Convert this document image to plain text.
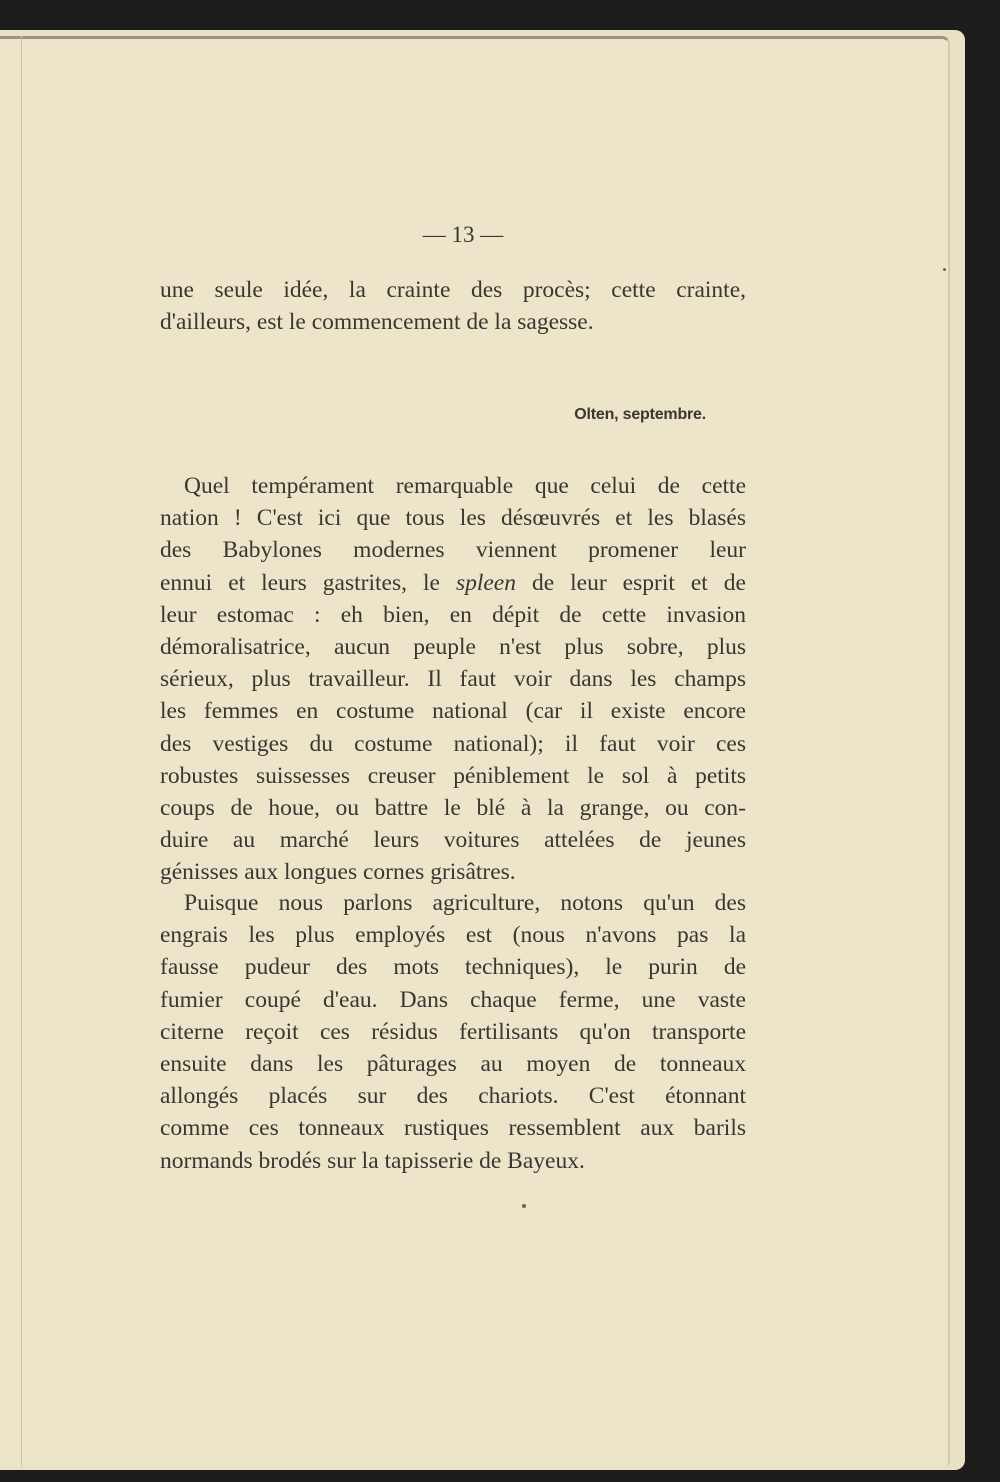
— 13 —

une seule idée, la crainte des procès; cette crainte,
d'ailleurs, est le commencement de la sagesse.

Olten, septembre.

Quel tempérament remarquable que celui de cette
nation ! C'est ici que tous les désœuvrés et les blasés
des Babylones modernes viennent promener leur
ennui et leurs gastrites, le spleen de leur esprit et de
leur estomac : eh bien, en dépit de cette invasion
démoralisatrice, aucun peuple n'est plus sobre, plus
sérieux, plus travailleur. Il faut voir dans les champs
les femmes en costume national (car il existe encore
des vestiges du costume national); il faut voir ces
robustes suissesses creuser péniblement le sol à petits
coups de houe, ou battre le blé à la grange, ou con-
duire au marché leurs voitures attelées de jeunes
génisses aux longues cornes grisâtres.

Puisque nous parlons agriculture, notons qu'un des
engrais les plus employés est (nous n'avons pas la
fausse pudeur des mots techniques), le purin de
fumier coupé d'eau. Dans chaque ferme, une vaste
citerne reçoit ces résidus fertilisants qu'on transporte
ensuite dans les pâturages au moyen de tonneaux
allongés placés sur des chariots. C'est étonnant
comme ces tonneaux rustiques ressemblent aux barils
normands brodés sur la tapisserie de Bayeux.
